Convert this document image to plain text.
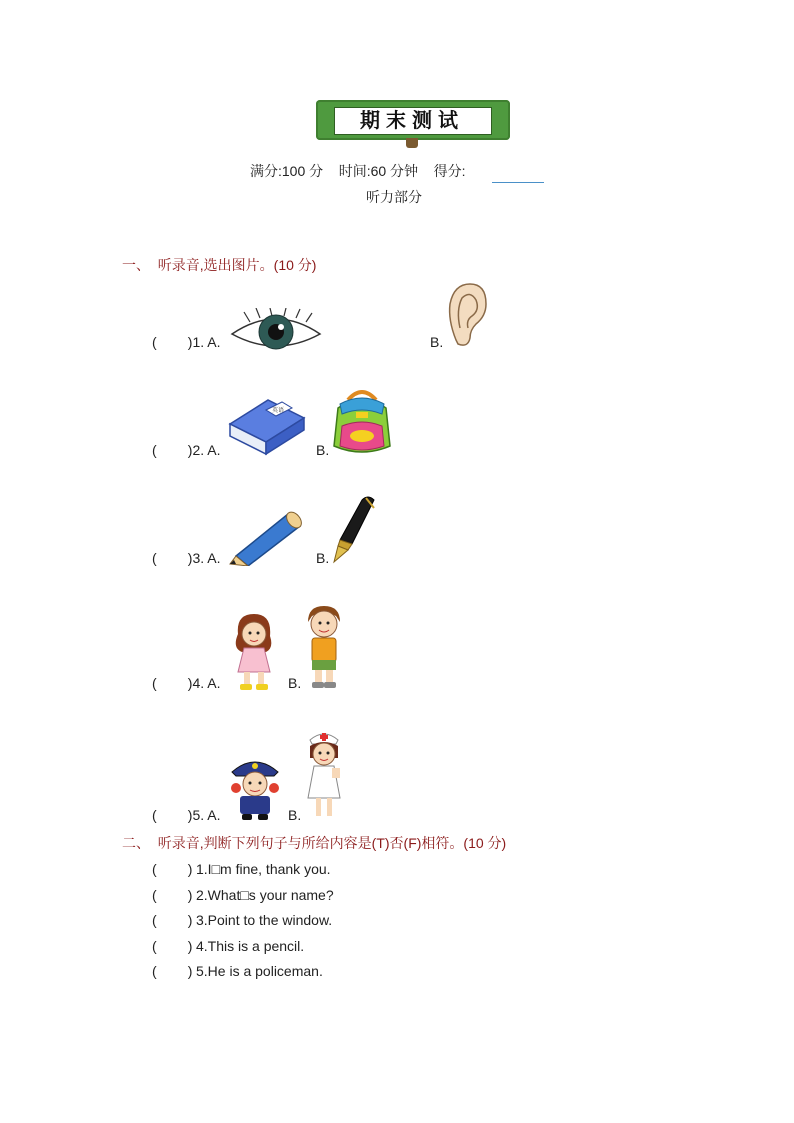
期末测试
满分:100 分    时间:60 分钟    得分:
听力部分
一、  听录音,选出图片。(10 分)
(        )1. A.	B.
(        )2. A.
英语
B.
(        )3. A.	B.
(        )4. A.	B.
(        )5. A.	B.
二、  听录音,判断下列句子与所给内容是(T)否(F)相符。(10 分)
(        ) 1.I□m fine, thank you.
(        ) 2.What□s your name?
(        ) 3.Point to the window.
(        ) 4.This is a pencil.
(        ) 5.He is a policeman.
